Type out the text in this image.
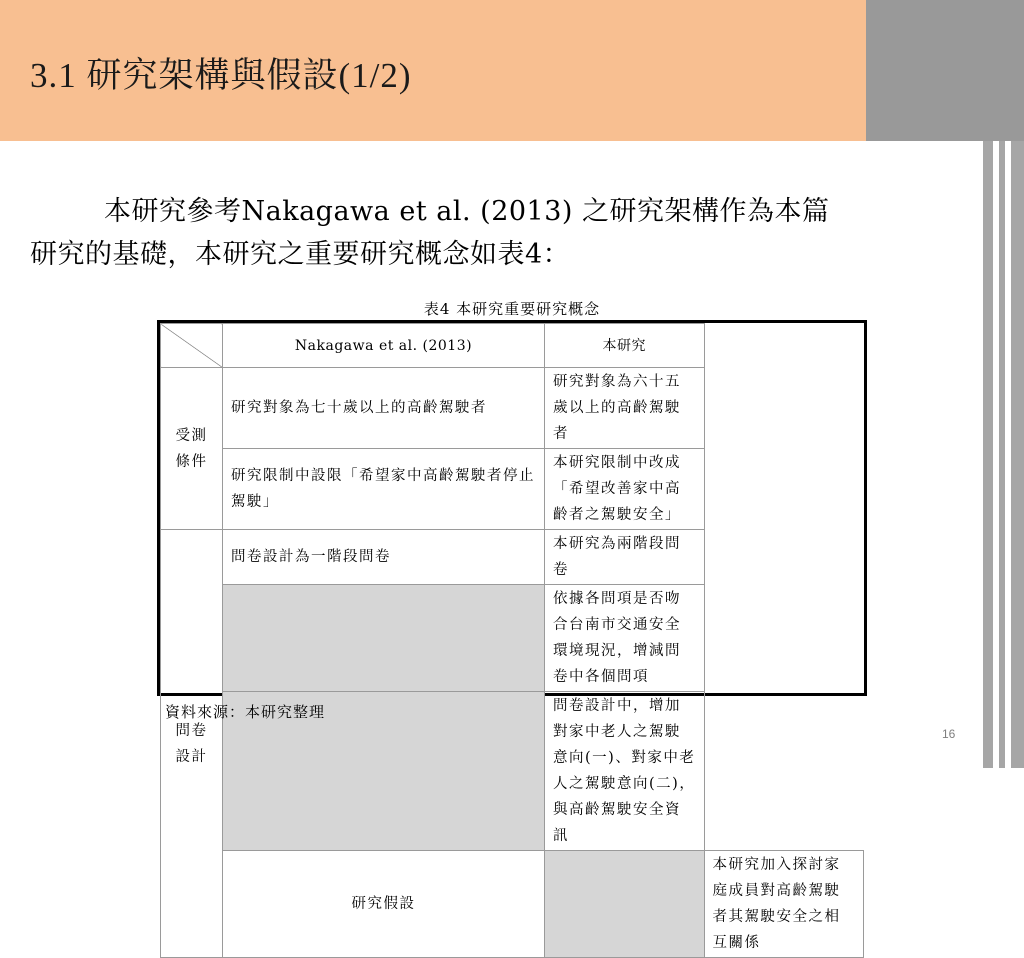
3.1 研究架構與假設(1/2)
本研究參考Nakagawa et al. (2013) 之研究架構作為本篇
研究的基礎，本研究之重要研究概念如表4：
表4 本研究重要研究概念
	Nakagawa et al. (2013)	本研究	
受測條件	研究對象為七十歲以上的高齡駕駛者	研究對象為六十五歲以上的高齡駕駛者	
	研究限制中設限「希望家中高齡駕駛者停止駕駛」	本研究限制中改成「希望改善家中高齡者之駕駛安全」	
問卷設計	問卷設計為一階段問卷	本研究為兩階段問卷	
		依據各問項是否吻合台南市交通安全環境現況，增減問卷中各個問項	
		問卷設計中，增加對家中老人之駕駛意向(一)、對家中老人之駕駛意向(二)，與高齡駕駛安全資訊	
	研究假設		本研究加入探討家庭成員對高齡駕駛者其駕駛安全之相互關係
資料來源：本研究整理
16
